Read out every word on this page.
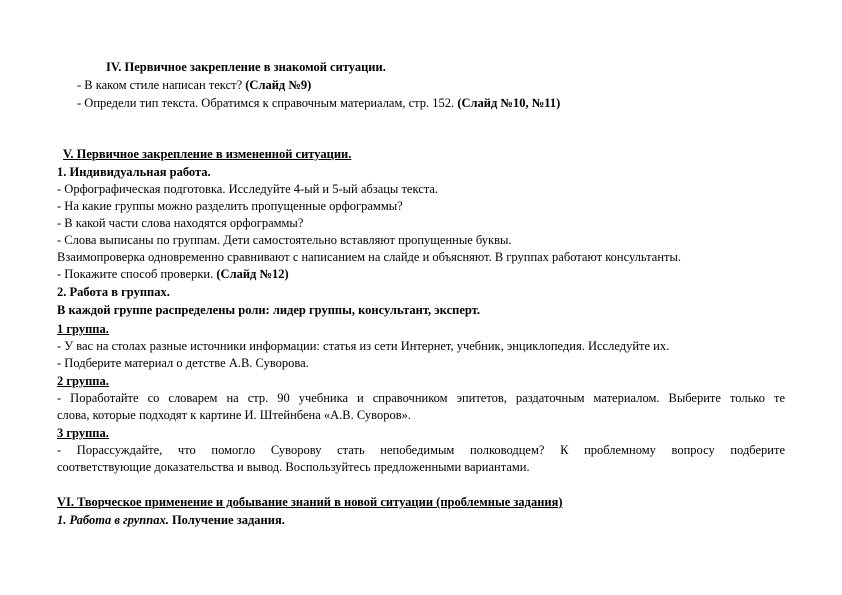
IV. Первичное закрепление в знакомой ситуации.
- В каком стиле написан текст? (Слайд №9)
- Определи тип текста. Обратимся к справочным материалам, стр. 152. (Слайд №10, №11)
V. Первичное закрепление в измененной ситуации.
1. Индивидуальная работа.
- Орфографическая подготовка. Исследуйте 4-ый и 5-ый абзацы текста.
- На какие группы можно разделить пропущенные орфограммы?
- В какой части слова находятся орфограммы?
- Слова выписаны по группам. Дети самостоятельно вставляют пропущенные буквы.
Взаимопроверка одновременно сравнивают с написанием на слайде и объясняют. В группах работают консультанты.
- Покажите способ проверки. (Слайд №12)
2. Работа в группах.
В каждой группе распределены роли: лидер группы, консультант, эксперт.
1 группа.
- У вас на столах разные источники информации: статья из сети Интернет, учебник, энциклопедия. Исследуйте их.
- Подберите материал о детстве А.В. Суворова.
2 группа.
- Поработайте со словарем на стр. 90 учебника и справочником эпитетов, раздаточным материалом. Выберите только те
слова, которые подходят к картине И. Штейнбена «А.В. Суворов».
3 группа.
- Порассуждайте, что помогло Суворову стать непобедимым полководцем? К проблемному вопросу подберите
соответствующие доказательства и вывод. Воспользуйтесь предложенными вариантами.
VI. Творческое применение и добывание знаний в новой ситуации (проблемные задания)
1. Работа в группах. Получение задания.
